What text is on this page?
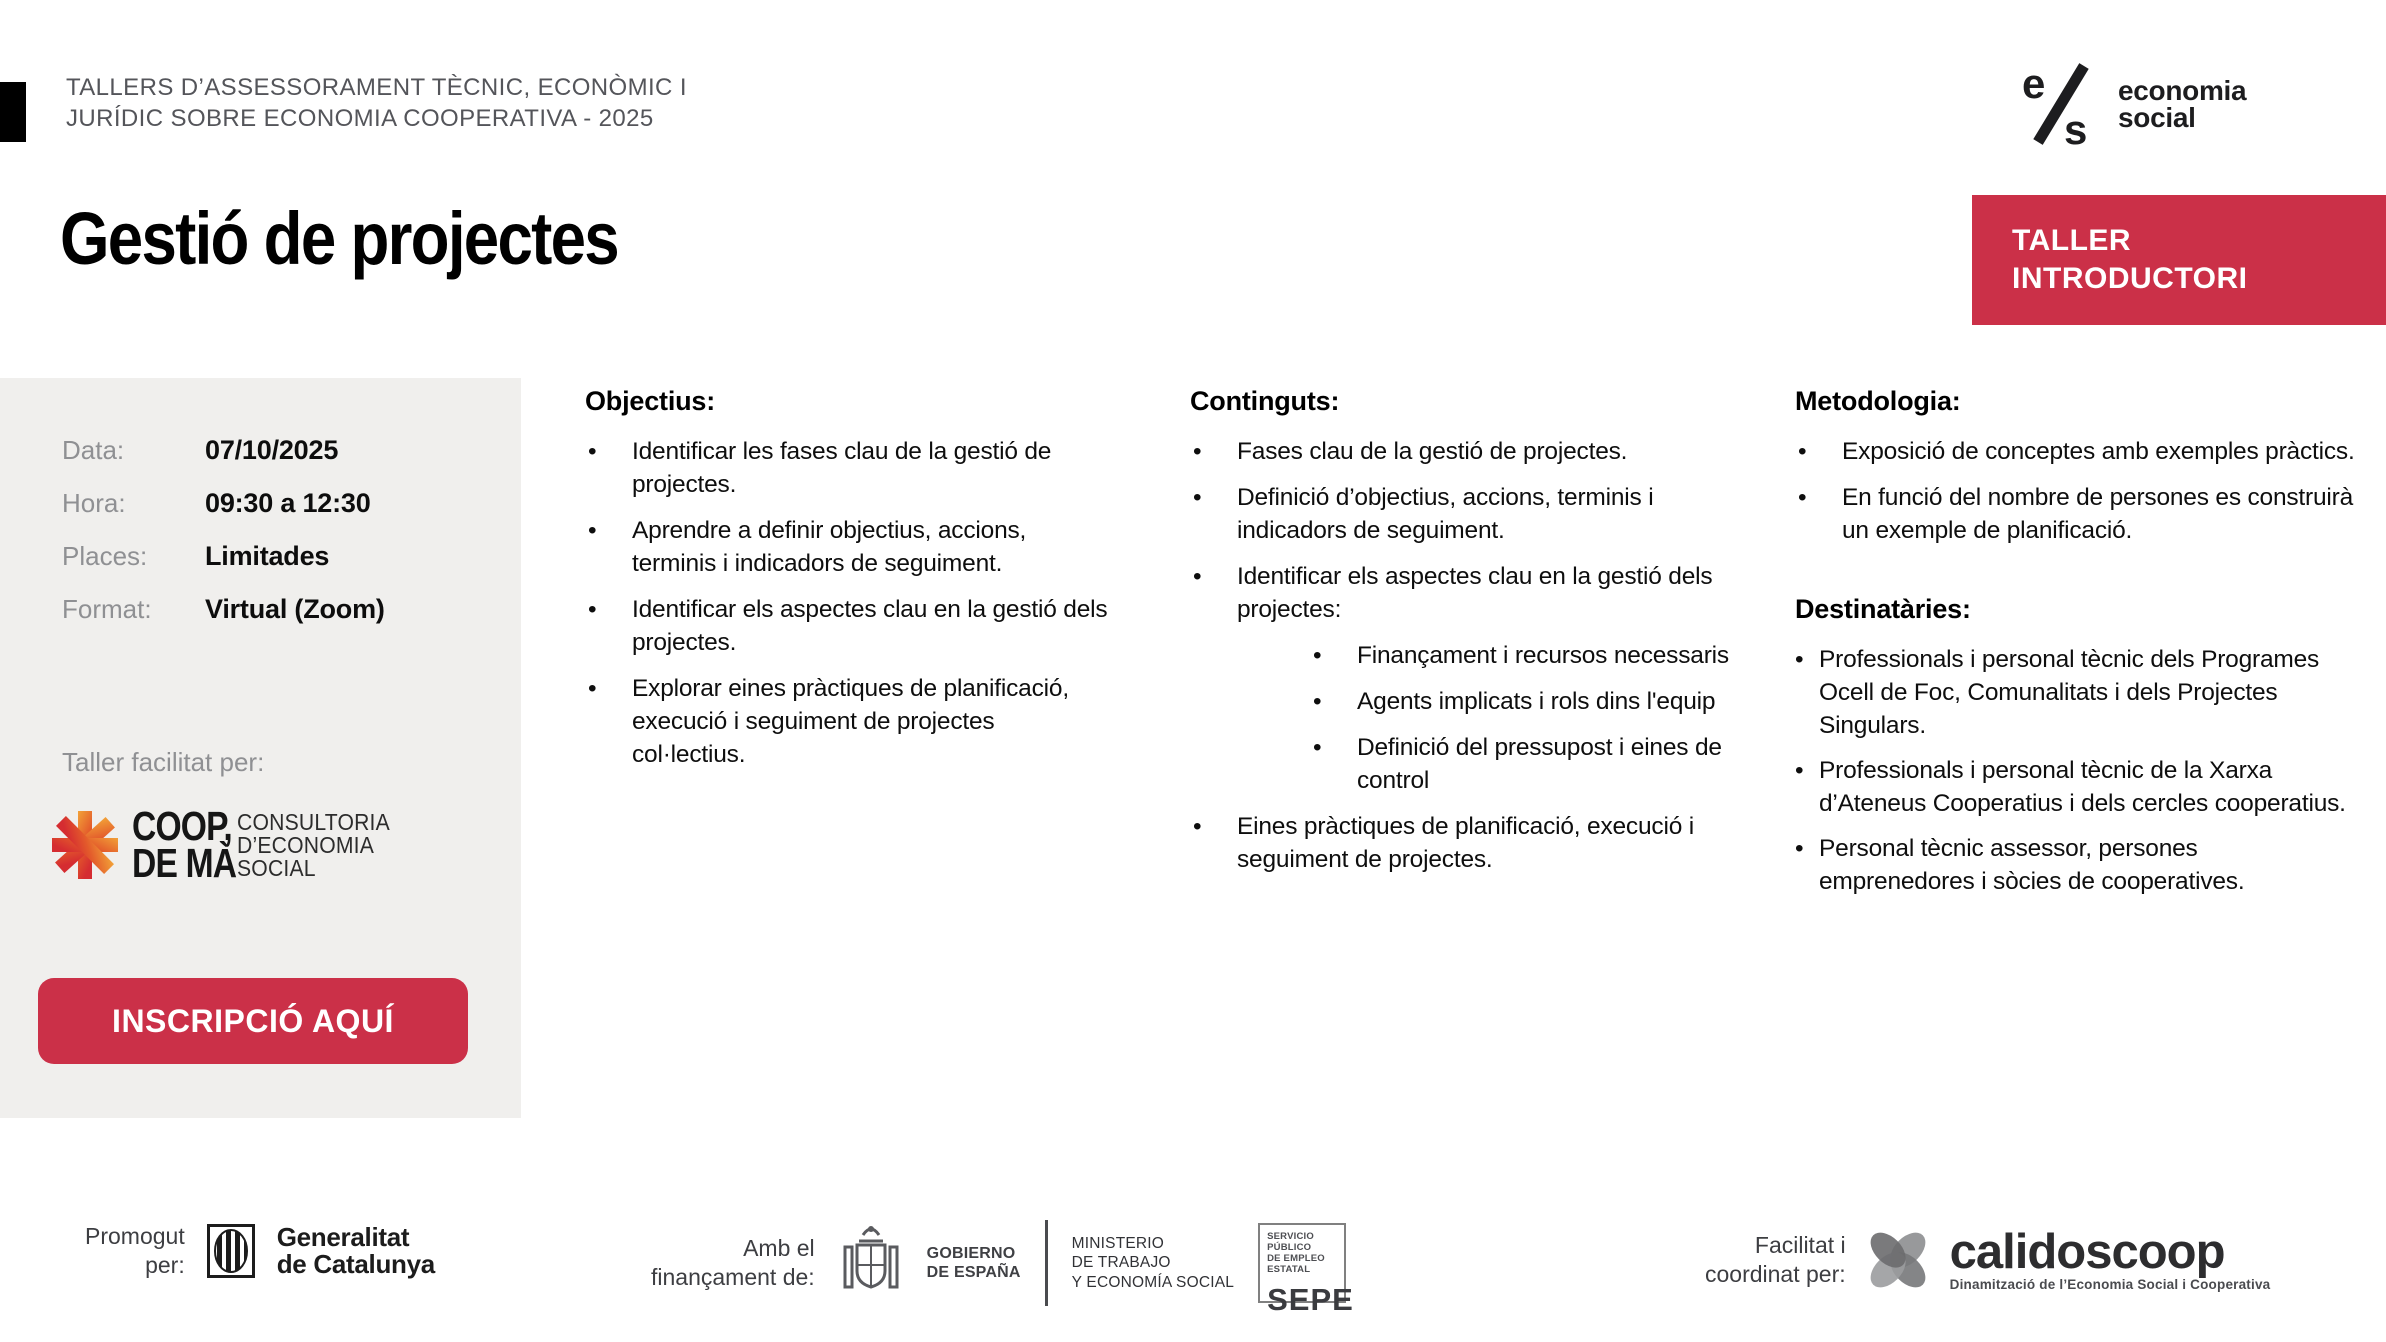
TALLERS D’ASSESSORAMENT TÈCNIC, ECONÒMIC I
JURÍDIC SOBRE ECONOMIA COOPERATIVA - 2025
e
s
economia
social
Gestió de projectes	TALLER
INTRODUCTORI
Data:	07/10/2025
Hora:	09:30 a 12:30
Places:	Limitades
Format:	Virtual (Zoom)
Taller facilitat per:
COOP,
DE MÀ
CONSULTORIA
D’ECONOMIA
SOCIAL
INSCRIPCIÓ AQUÍ
Objectius:
• Identificar les fases clau de la gestió de projectes.
• Aprendre a definir objectius, accions, terminis i indicadors de seguiment.
• Identificar els aspectes clau en la gestió dels projectes.
• Explorar eines pràctiques de planificació, execució i seguiment de projectes col·lectius.
Continguts:
• Fases clau de la gestió de projectes.
• Definició d’objectius, accions, terminis i indicadors de seguiment.
• Identificar els aspectes clau en la gestió dels projectes:
• Finançament i recursos necessaris
• Agents implicats i rols dins l'equip
• Definició del pressupost i eines de control
• Eines pràctiques de planificació, execució i seguiment de projectes.
Metodologia:
• Exposició de conceptes amb exemples pràctics.
• En funció del nombre de persones es construirà un exemple de planificació.
Destinatàries:
• Professionals i personal tècnic dels Programes Ocell de Foc, Comunalitats i dels Projectes Singulars.
• Professionals i personal tècnic de la Xarxa d’Ateneus Cooperatius i dels cercles cooperatius.
• Personal tècnic assessor, persones emprenedores i sòcies de cooperatives.
Promogut
per:
Generalitat
de Catalunya
Amb el
finançament de:
GOBIERNO
DE ESPAÑA
MINISTERIO
DE TRABAJO
Y ECONOMÍA SOCIAL
SERVICIO PÚBLICO
DE EMPLEO ESTATAL
SEPE
Facilitat i
coordinat per: calidoscoop
Dinamització de l’Economia Social i Cooperativa
